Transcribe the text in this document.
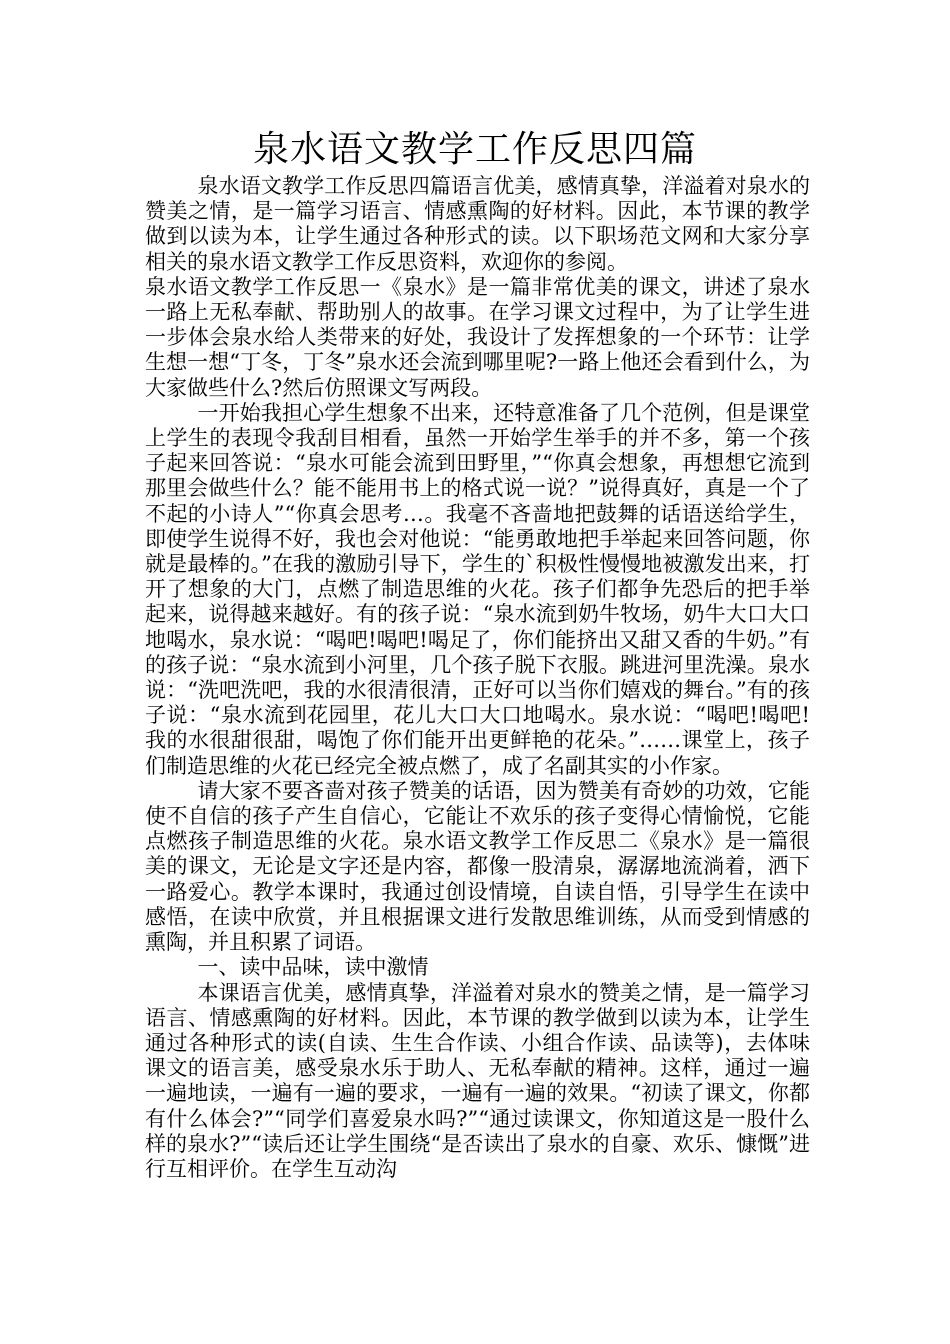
泉水语文教学工作反思四篇

泉水语文教学工作反思四篇语言优美，感情真挚，洋溢着对泉水的赞美之情，是一篇学习语言、情感熏陶的好材料。因此，本节课的教学做到以读为本，让学生通过各种形式的读。以下职场范文网和大家分享相关的泉水语文教学工作反思资料，欢迎你的参阅。

泉水语文教学工作反思一《泉水》是一篇非常优美的课文，讲述了泉水一路上无私奉献、帮助别人的故事。在学习课文过程中，为了让学生进一步体会泉水给人类带来的好处，我设计了发挥想象的一个环节：让学生想一想“丁冬，丁冬”泉水还会流到哪里呢?一路上他还会看到什么，为大家做些什么?然后仿照课文写两段。

一开始我担心学生想象不出来，还特意准备了几个范例，但是课堂上学生的表现令我刮目相看，虽然一开始学生举手的并不多，第一个孩子起来回答说：“泉水可能会流到田野里，”“你真会想象，再想想它流到那里会做些什么？能不能用书上的格式说一说？”说得真好，真是一个了不起的小诗人”“你真会思考…。我毫不吝啬地把鼓舞的话语送给学生，即使学生说得不好，我也会对他说：“能勇敢地把手举起来回答问题，你就是最棒的。”在我的激励引导下，学生的`积极性慢慢地被激发出来，打开了想象的大门，点燃了制造思维的火花。孩子们都争先恐后的把手举起来，说得越来越好。有的孩子说：“泉水流到奶牛牧场，奶牛大口大口地喝水，泉水说：“喝吧!喝吧!喝足了，你们能挤出又甜又香的牛奶。”有的孩子说：“泉水流到小河里，几个孩子脱下衣服。跳进河里洗澡。泉水说：“洗吧洗吧，我的水很清很清，正好可以当你们嬉戏的舞台。”有的孩子说：“泉水流到花园里，花儿大口大口地喝水。泉水说：“喝吧!喝吧!我的水很甜很甜，喝饱了你们能开出更鲜艳的花朵。”……课堂上，孩子们制造思维的火花已经完全被点燃了，成了名副其实的小作家。

请大家不要吝啬对孩子赞美的话语，因为赞美有奇妙的功效，它能使不自信的孩子产生自信心，它能让不欢乐的孩子变得心情愉悦，它能点燃孩子制造思维的火花。泉水语文教学工作反思二《泉水》是一篇很美的课文，无论是文字还是内容，都像一股清泉，潺潺地流淌着，洒下一路爱心。教学本课时，我通过创设情境，自读自悟，引导学生在读中感悟，在读中欣赏，并且根据课文进行发散思维训练，从而受到情感的熏陶，并且积累了词语。

一、读中品味，读中激情

本课语言优美，感情真挚，洋溢着对泉水的赞美之情，是一篇学习语言、情感熏陶的好材料。因此，本节课的教学做到以读为本，让学生通过各种形式的读(自读、生生合作读、小组合作读、品读等)，去体味课文的语言美，感受泉水乐于助人、无私奉献的精神。这样，通过一遍一遍地读，一遍有一遍的要求，一遍有一遍的效果。“初读了课文，你都有什么体会?”“同学们喜爱泉水吗?”“通过读课文，你知道这是一股什么样的泉水?”“读后还让学生围绕“是否读出了泉水的自豪、欢乐、慷慨”进行互相评价。在学生互动沟
